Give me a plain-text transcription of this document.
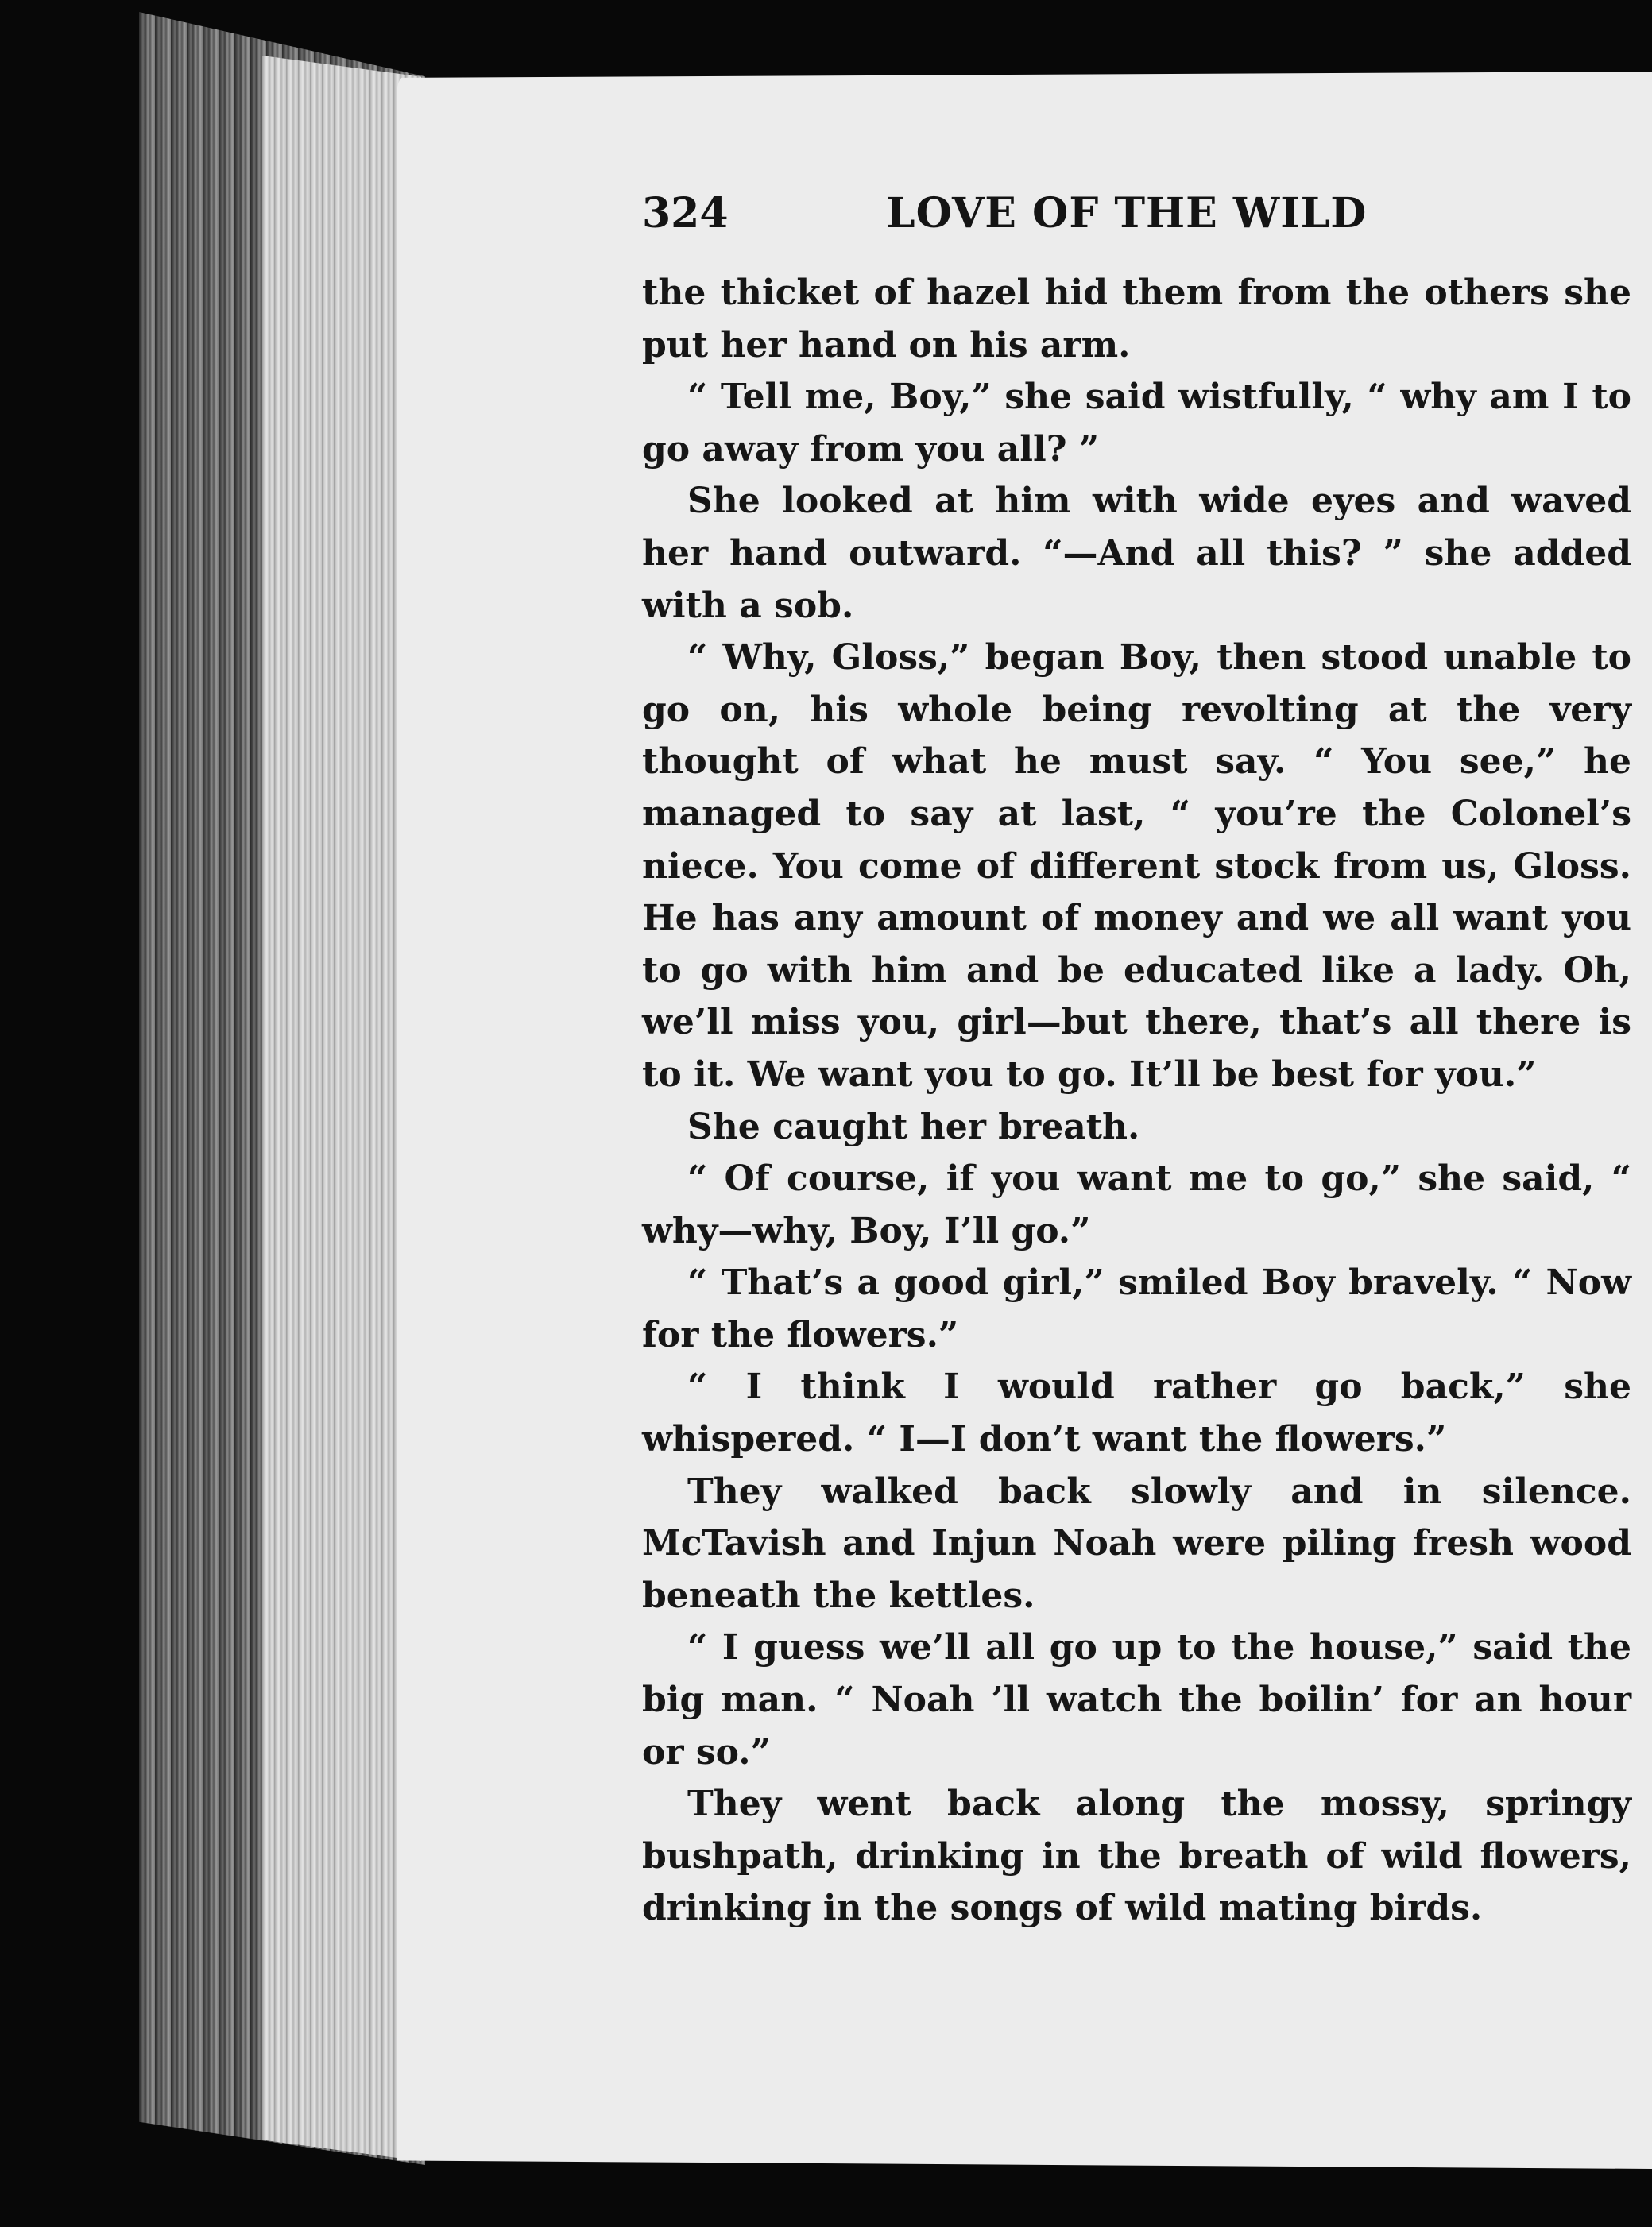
324	LOVE OF THE WILD

the thicket of hazel hid them from the others she put her hand on his arm.

“ Tell me, Boy,” she said wistfully, “ why am I to go away from you all? ”

She looked at him with wide eyes and waved her hand outward. “—And all this? ” she added with a sob.

“ Why, Gloss,” began Boy, then stood unable to go on, his whole being revolting at the very thought of what he must say. “ You see,” he managed to say at last, “ you’re the Colonel’s niece. You come of different stock from us, Gloss. He has any amount of money and we all want you to go with him and be educated like a lady. Oh, we’ll miss you, girl—but there, that’s all there is to it. We want you to go. It’ll be best for you.”

She caught her breath.

“ Of course, if you want me to go,” she said, “ why—why, Boy, I’ll go.”

“ That’s a good girl,” smiled Boy bravely. “ Now for the flowers.”

“ I think I would rather go back,” she whispered. “ I—I don’t want the flowers.”

They walked back slowly and in silence. McTavish and Injun Noah were piling fresh wood beneath the kettles.

“ I guess we’ll all go up to the house,” said the big man. “ Noah ’ll watch the boilin’ for an hour or so.”

They went back along the mossy, springy bushpath, drinking in the breath of wild flowers, drinking in the songs of wild mating birds.
